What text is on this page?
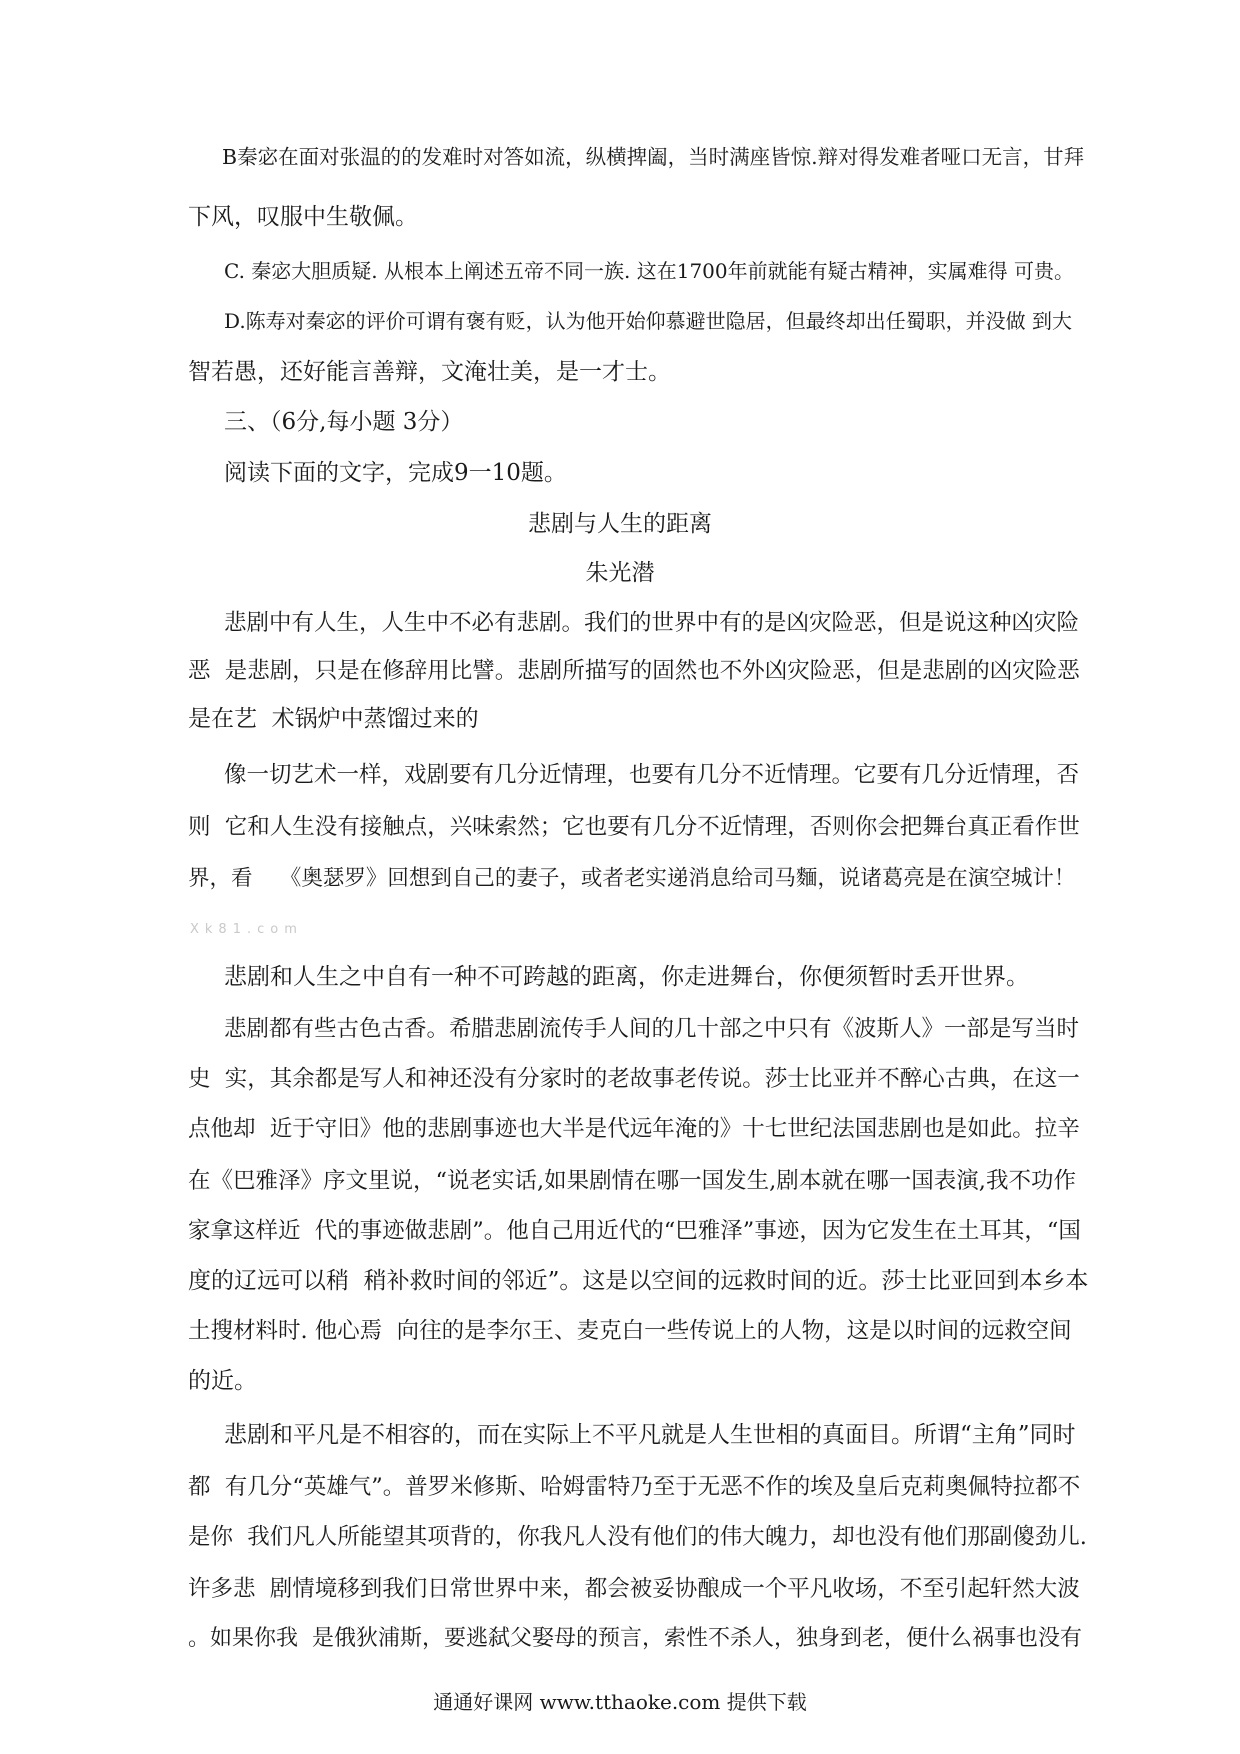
B秦宓在面对张温的的发难时对答如流，纵横捭阖，当时满座皆惊.辩对得发难者哑口无言，甘拜
下风，叹服中生敬佩。
C. 秦宓大胆质疑. 从根本上阐述五帝不同一族. 这在1700年前就能有疑古精神，实属难得 可贵。
D.陈寿对秦宓的评价可谓有褒有贬，认为他开始仰慕避世隐居，但最终却出任蜀职，并没做 到大
智若愚，还好能言善辩，文淹壮美，是一才士。
三、（6分,每小题 3分）
阅读下面的文字，完成9一10题。
悲剧与人生的距离
朱光潜
悲剧中有人生，人生中不必有悲剧。我们的世界中有的是凶灾险恶，但是说这种凶灾险
恶  是悲剧，只是在修辞用比譬。悲剧所描写的固然也不外凶灾险恶，但是悲剧的凶灾险恶
是在艺  术锅炉中蒸馏过来的
像一切艺术一样，戏剧要有几分近情理，也要有几分不近情理。它要有几分近情理，否
则  它和人生没有接触点，兴味索然；它也要有几分不近情理，否则你会把舞台真正看作世
界，看    《奥瑟罗》回想到自己的妻子，或者老实递消息给司马麵，说诸葛亮是在演空城计！
Xk81.com
悲剧和人生之中自有一种不可跨越的距离，你走进舞台，你便须暂时丢开世界。
悲剧都有些古色古香。希腊悲剧流传手人间的几十部之中只有《波斯人》一部是写当时
史  实，其余都是写人和神还没有分家时的老故事老传说。莎士比亚并不醉心古典，在这一
点他却  近于守旧》他的悲剧事迹也大半是代远年淹的》十七世纪法国悲剧也是如此。拉辛
在《巴雅泽》序文里说，“说老实话,如果剧情在哪一国发生,剧本就在哪一国表演,我不功作
家拿这样近  代的事迹做悲剧”。他自己用近代的“巴雅泽”事迹，因为它发生在土耳其，“国
度的辽远可以稍  稍补救时间的邻近”。这是以空间的远救时间的近。莎士比亚回到本乡本
土搜材料时. 他心焉  向往的是李尔王、麦克白一些传说上的人物，这是以时间的远救空间
的近。
悲剧和平凡是不相容的，而在实际上不平凡就是人生世相的真面目。所谓“主角”同时
都  有几分“英雄气”。普罗米修斯、哈姆雷特乃至于无恶不作的埃及皇后克莉奥佩特拉都不
是你  我们凡人所能望其项背的，你我凡人没有他们的伟大魄力，却也没有他们那副傻劲儿.
许多悲  剧情境移到我们日常世界中来，都会被妥协酿成一个平凡收场，不至引起轩然大波
。如果你我  是俄狄浦斯，要逃弑父娶母的预言，索性不杀人，独身到老，便什么祸事也没有
通通好课网 www.tthaoke.com 提供下载
